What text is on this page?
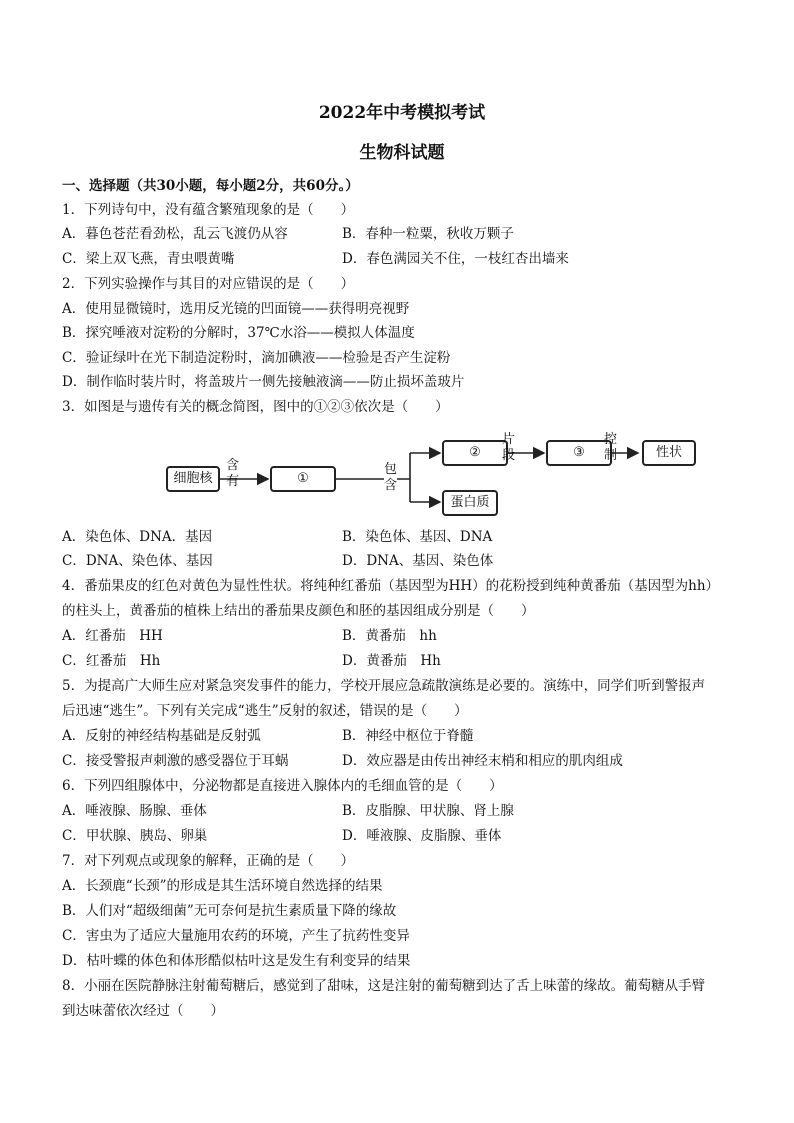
2022年中考模拟考试
生物科试题
一、选择题（共30小题，每小题2分，共60分。）
1．下列诗句中，没有蕴含繁殖现象的是（　　）
A．暮色苍茫看劲松，乱云飞渡仍从容	B．春种一粒粟，秋收万颗子
C．梁上双飞燕，青虫喂黄嘴	D．春色满园关不住，一枝红杏出墙来
2．下列实验操作与其目的对应错误的是（　　）
A．使用显微镜时，选用反光镜的凹面镜——获得明亮视野
B．探究唾液对淀粉的分解时，37℃水浴——模拟人体温度
C．验证绿叶在光下制造淀粉时，滴加碘液——检验是否产生淀粉
D．制作临时装片时，将盖玻片一侧先接触液滴——防止损坏盖玻片
3．如图是与遗传有关的概念简图，图中的①②③依次是（　　）
细胞核
含有	①
包含
②
片段	③
控制
蛋白质
性状
A．染色体、DNA．基因	B．染色体、基因、DNA
C．DNA、染色体、基因	D．DNA、基因、染色体
4．番茄果皮的红色对黄色为显性性状。将纯种红番茄（基因型为HH）的花粉授到纯种黄番茄（基因型为hh）
的柱头上，黄番茄的植株上结出的番茄果皮颜色和胚的基因组成分别是（　　）
A．红番茄　HH	B．黄番茄　hh
C．红番茄　Hh	D．黄番茄　Hh
5．为提高广大师生应对紧急突发事件的能力，学校开展应急疏散演练是必要的。演练中，同学们听到警报声
后迅速“逃生”。下列有关完成“逃生”反射的叙述，错误的是（　　）
A．反射的神经结构基础是反射弧	B．神经中枢位于脊髓
C．接受警报声刺激的感受器位于耳蜗	D．效应器是由传出神经末梢和相应的肌肉组成
6．下列四组腺体中，分泌物都是直接进入腺体内的毛细血管的是（　　）
A．唾液腺、肠腺、垂体	B．皮脂腺、甲状腺、肾上腺
C．甲状腺、胰岛、卵巢	D．唾液腺、皮脂腺、垂体
7．对下列观点或现象的解释，正确的是（　　）
A．长颈鹿“长颈”的形成是其生活环境自然选择的结果
B．人们对“超级细菌”无可奈何是抗生素质量下降的缘故
C．害虫为了适应大量施用农药的环境，产生了抗药性变异
D．枯叶蝶的体色和体形酷似枯叶这是发生有利变异的结果
8．小丽在医院静脉注射葡萄糖后，感觉到了甜味，这是注射的葡萄糖到达了舌上味蕾的缘故。葡萄糖从手臂
到达味蕾依次经过（　　）
